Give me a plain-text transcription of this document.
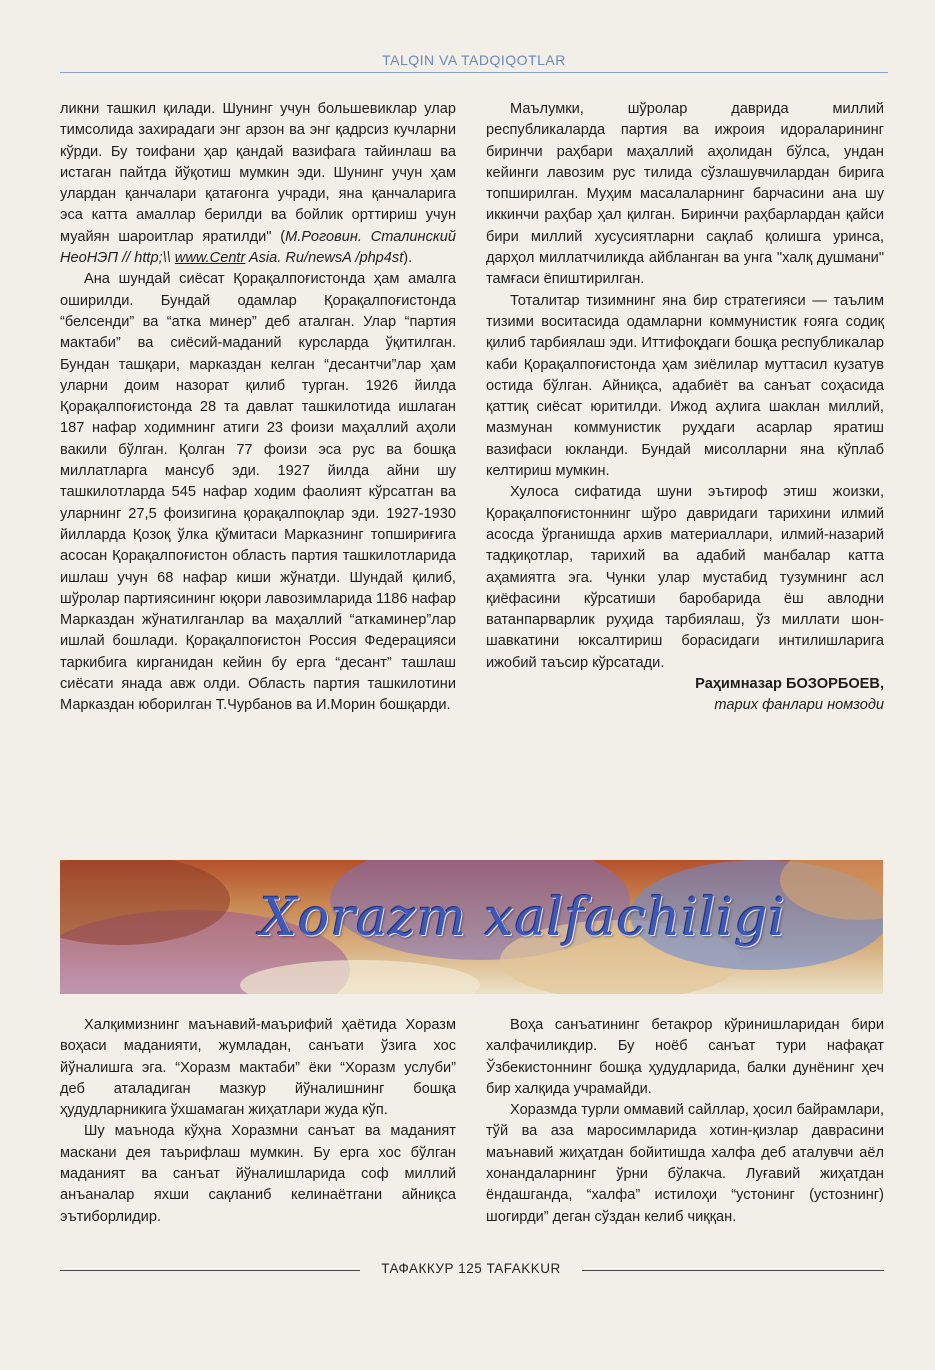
TALQIN VA TADQIQOTLAR

ликни ташкил қилади. Шунинг учун большевиклар улар тимсолида захирадаги энг арзон ва энг қадрсиз кучларни кўрди. Бу тоифани ҳар қандай вазифага тайинлаш ва истаган пайтда йўқотиш мумкин эди. Шунинг учун ҳам улардан қанчалари қатағонга учради, яна қанчаларига эса катта амаллар берилди ва бойлик орттириш учун муайян шароитлар яратилди" (М.Роговин. Сталинский НеоНЭП // http;\\ www.Centr Asia. Ru/newsA /php4st).

Ана шундай сиёсат Қорақалпоғистонда ҳам амалга оширилди. Бундай одамлар Қорақалпоғистонда “белсенди” ва “атка минер” деб аталган. Улар “партия мактаби” ва сиёсий-маданий курсларда ўқитилган. Бундан ташқари, марказдан келган “десантчи”лар ҳам уларни доим назорат қилиб турган. 1926 йилда Қорақалпоғистонда 28 та давлат ташкилотида ишлаган 187 нафар ходимнинг атиги 23 фоизи маҳаллий аҳоли вакили бўлган. Қолган 77 фоизи эса рус ва бошқа миллатларга мансуб эди. 1927 йилда айни шу ташкилотларда 545 нафар ходим фаолият кўрсатган ва уларнинг 27,5 фоизигина қорақалпоқлар эди. 1927-1930 йилларда Қозоқ ўлка қўмитаси Марказнинг топшириғига асосан Қорақалпоғистон область партия ташкилотларида ишлаш учун 68 нафар киши жўнатди. Шундай қилиб, шўролар партиясининг юқори лавозимларида 1186 нафар Марказдан жўнатилганлар ва маҳаллий “аткаминер”лар ишлай бошлади. Қорақалпоғистон Россия Федерацияси таркибига кирганидан кейин бу ерга “десант” ташлаш сиёсати янада авж олди. Область партия ташкилотини Марказдан юборилган Т.Чурбанов ва И.Морин бошқарди.

Маълумки, шўролар даврида миллий республикаларда партия ва ижроия идораларининг биринчи раҳбари маҳаллий аҳолидан бўлса, ундан кейинги лавозим рус тилида сўзлашувчилардан бирига топширилган. Муҳим масалаларнинг барчасини ана шу иккинчи раҳбар ҳал қилган. Биринчи раҳбарлардан қайси бири миллий хусусиятларни сақлаб қолишга уринса, дарҳол миллатчиликда айбланган ва унга "халқ душмани" тамғаси ёпиштирилган.

Тоталитар тизимнинг яна бир стратегияси — таълим тизими воситасида одамларни коммунистик ғояга содиқ қилиб тарбиялаш эди. Иттифоқдаги бошқа республикалар каби Қорақалпоғистонда ҳам зиёлилар муттасил кузатув остида бўлган. Айниқса, адабиёт ва санъат соҳасида қаттиқ сиёсат юритилди. Ижод аҳлига шаклан миллий, мазмунан коммунистик руҳдаги асарлар яратиш вазифаси юкланди. Бундай мисолларни яна кўплаб келтириш мумкин.

Хулоса сифатида шуни эътироф этиш жоизки, Қорақалпоғистоннинг шўро давридаги тарихини илмий асосда ўрганишда архив материаллари, илмий-назарий тадқиқотлар, тарихий ва адабий манбалар катта аҳамиятга эга. Чунки улар мустабид тузумнинг асл қиёфасини кўрсатиши баробарида ёш авлодни ватанпарварлик руҳида тарбиялаш, ўз миллати шон-шавкатини юксалтириш борасидаги интилишларига ижобий таъсир кўрсатади.

Раҳимназар БОЗОРБОЕВ,

тарих фанлари номзоди

Xorazm xalfachiligi

Халқимизнинг маънавий-маърифий ҳаётида Хоразм воҳаси маданияти, жумладан, санъати ўзига хос йўналишга эга. “Хоразм мактаби” ёки “Хоразм услуби” деб аталадиган мазкур йўналишнинг бошқа ҳудудларникига ўхшамаган жиҳатлари жуда кўп.

Шу маънода кўҳна Хоразмни санъат ва маданият маскани дея таърифлаш мумкин. Бу ерга хос бўлган маданият ва санъат йўналишларида соф миллий анъаналар яхши сақланиб келинаётгани айниқса эътиборлидир.

Воҳа санъатининг бетакрор кўринишларидан бири халфачиликдир. Бу ноёб санъат тури нафақат Ўзбекистоннинг бошқа ҳудудларида, балки дунёнинг ҳеч бир халқида учрамайди.

Хоразмда турли оммавий сайллар, ҳосил байрамлари, тўй ва аза маросимларида хотин-қизлар даврасини маънавий жиҳатдан бойитишда халфа деб аталувчи аёл хонандаларнинг ўрни бўлакча. Луғавий жиҳатдан ёндашганда, “халфа” истилоҳи “устонинг (устознинг) шогирди” деган сўздан келиб чиққан.

ТАФАККУР 125 TAFAKKUR
